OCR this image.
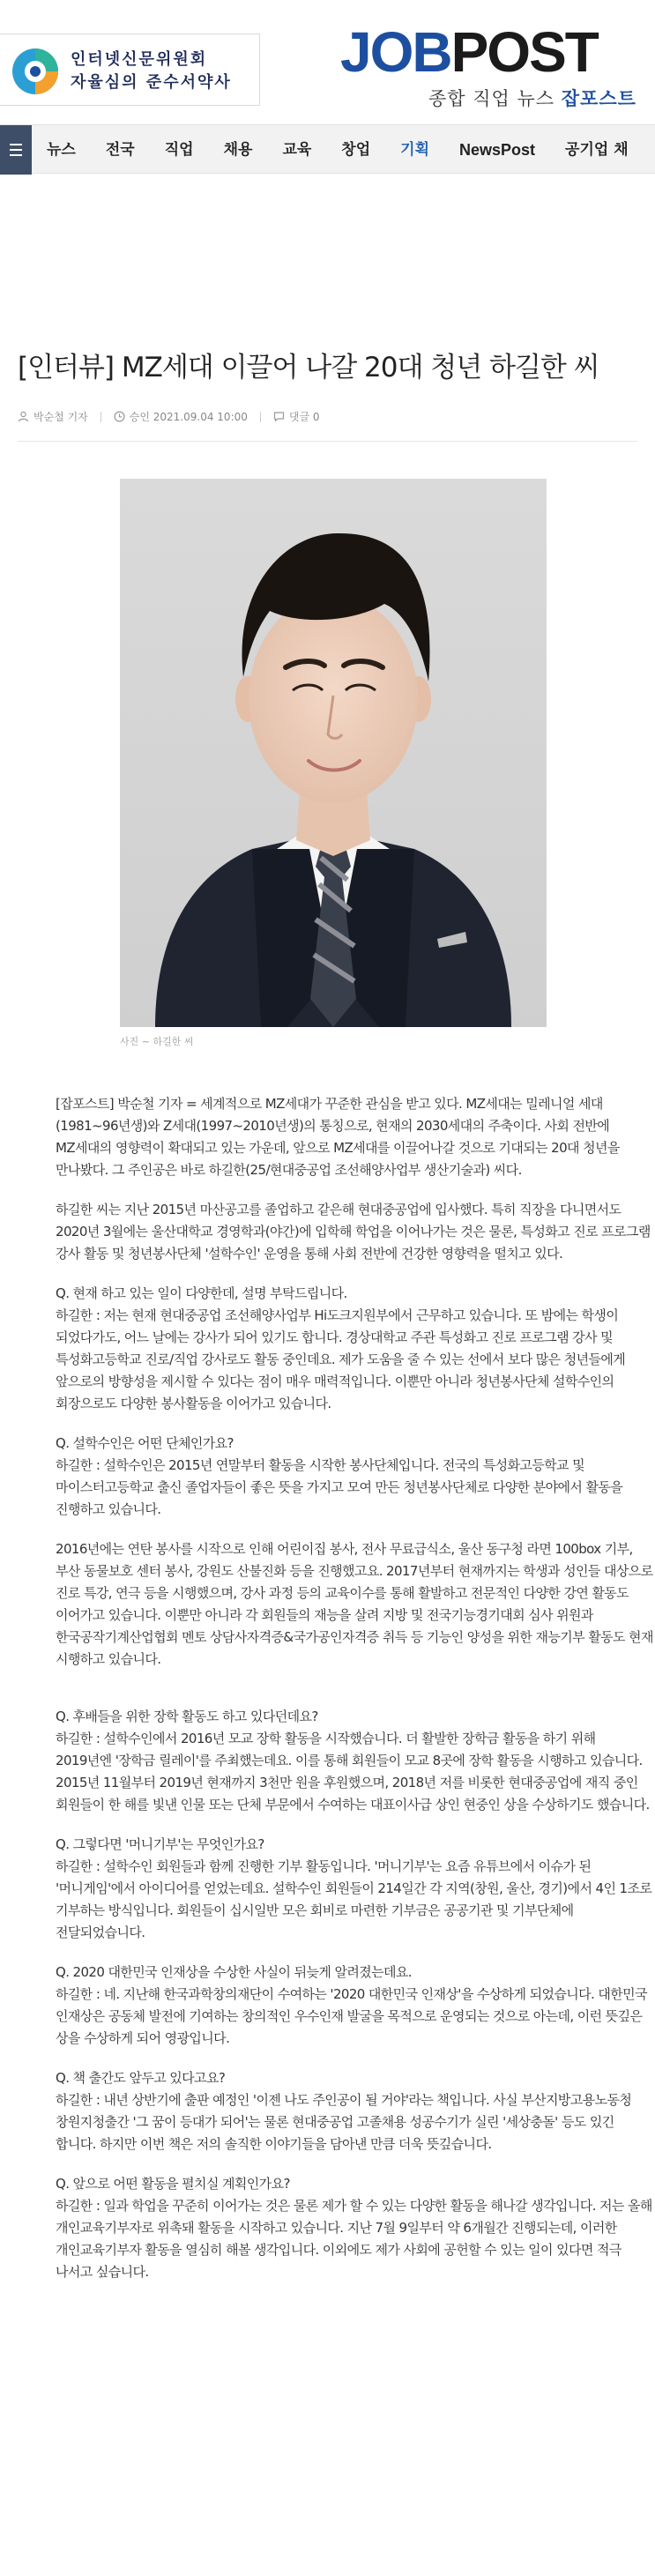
인터넷신문위원회
자율심의 준수서약사 JOBPOST
종합 직업 뉴스 잡포스트
뉴스	전국	직업	채용	교육	창업	기획	NewsPost	공기업 채
[인터뷰] MZ세대 이끌어 나갈 20대 청년 하길한 씨
박순철 기자	승인 2021.09.04 10:00	댓글 0
사진 ~ 하길한 씨

[잡포스트] 박순철 기자 = 세계적으로 MZ세대가 꾸준한 관심을 받고 있다. MZ세대는 밀레니얼 세대(1981~96년생)와 Z세대(1997~2010년생)의 통칭으로, 현재의 2030세대의 주축이다. 사회 전반에 MZ세대의 영향력이 확대되고 있는 가운데, 앞으로 MZ세대를 이끌어나갈 것으로 기대되는 20대 청년을 만나봤다. 그 주인공은 바로 하길한(25/현대중공업 조선해양사업부 생산기술과) 씨다.

하길한 씨는 지난 2015년 마산공고를 졸업하고 같은해 현대중공업에 입사했다. 특히 직장을 다니면서도 2020년 3월에는 울산대학교 경영학과(야간)에 입학해 학업을 이어나가는 것은 물론, 특성화고 진로 프로그램 강사 활동 및 청년봉사단체 '설학수인' 운영을 통해 사회 전반에 건강한 영향력을 떨치고 있다.

Q. 현재 하고 있는 일이 다양한데, 설명 부탁드립니다.

하길한 : 저는 현재 현대중공업 조선해양사업부 Hi도크지원부에서 근무하고 있습니다. 또 밤에는 학생이 되었다가도, 어느 날에는 강사가 되어 있기도 합니다. 경상대학교 주관 특성화고 진로 프로그램 강사 및 특성화고등학교 진로/직업 강사로도 활동 중인데요. 제가 도움을 줄 수 있는 선에서 보다 많은 청년들에게 앞으로의 방향성을 제시할 수 있다는 점이 매우 매력적입니다. 이뿐만 아니라 청년봉사단체 설학수인의 회장으로도 다양한 봉사활동을 이어가고 있습니다.

Q. 설학수인은 어떤 단체인가요?

하길한 : 설학수인은 2015년 연말부터 활동을 시작한 봉사단체입니다. 전국의 특성화고등학교 및 마이스터고등학교 출신 졸업자들이 좋은 뜻을 가지고 모여 만든 청년봉사단체로 다양한 분야에서 활동을 진행하고 있습니다.

2016년에는 연탄 봉사를 시작으로 인해 어린이집 봉사, 전사 무료급식소, 울산 동구청 라면 100box 기부, 부산 동물보호 센터 봉사, 강원도 산불진화 등을 진행했고요. 2017년부터 현재까지는 학생과 성인들 대상으로 진로 특강, 연극 등을 시행했으며, 강사 과정 등의 교육이수를 통해 활발하고 전문적인 다양한 강연 활동도 이어가고 있습니다. 이뿐만 아니라 각 회원들의 재능을 살려 지방 및 전국기능경기대회 심사 위원과 한국공작기계산업협회 멘토 상담사자격증&국가공인자격증 취득 등 기능인 양성을 위한 재능기부 활동도 현재 시행하고 있습니다.

Q. 후배들을 위한 장학 활동도 하고 있다던데요?

하길한 : 설학수인에서 2016년 모교 장학 활동을 시작했습니다. 더 활발한 장학금 활동을 하기 위해 2019년엔 '장학금 릴레이'를 주최했는데요. 이를 통해 회원들이 모교 8곳에 장학 활동을 시행하고 있습니다. 2015년 11월부터 2019년 현재까지 3천만 원을 후원했으며, 2018년 저를 비롯한 현대중공업에 재직 중인 회원들이 한 해를 빛낸 인물 또는 단체 부문에서 수여하는 대표이사급 상인 현중인 상을 수상하기도 했습니다.

Q. 그렇다면 '머니기부'는 무엇인가요?

하길한 : 설학수인 회원들과 함께 진행한 기부 활동입니다. '머니기부'는 요즘 유튜브에서 이슈가 된 '머니게임'에서 아이디어를 얻었는데요. 설학수인 회원들이 214일간 각 지역(창원, 울산, 경기)에서 4인 1조로 기부하는 방식입니다. 회원들이 십시일반 모은 회비로 마련한 기부금은 공공기관 및 기부단체에 전달되었습니다.

Q. 2020 대한민국 인재상을 수상한 사실이 뒤늦게 알려졌는데요.

하길한 : 네. 지난해 한국과학창의재단이 수여하는 '2020 대한민국 인재상'을 수상하게 되었습니다. 대한민국 인재상은 공동체 발전에 기여하는 창의적인 우수인재 발굴을 목적으로 운영되는 것으로 아는데, 이런 뜻깊은 상을 수상하게 되어 영광입니다.

Q. 책 출간도 앞두고 있다고요?

하길한 : 내년 상반기에 출판 예정인 '이젠 나도 주인공이 될 거야'라는 책입니다. 사실 부산지방고용노동청 창원지청출간 '그 꿈이 등대가 되어'는 물론 현대중공업 고졸채용 성공수기가 실린 '세상충돌' 등도 있긴 합니다. 하지만 이번 책은 저의 솔직한 이야기들을 담아낸 만큼 더욱 뜻깊습니다.

Q. 앞으로 어떤 활동을 펼치실 계획인가요?

하길한 : 일과 학업을 꾸준히 이어가는 것은 물론 제가 할 수 있는 다양한 활동을 해나갈 생각입니다. 저는 올해 개인교육기부자로 위촉돼 활동을 시작하고 있습니다. 지난 7월 9일부터 약 6개월간 진행되는데, 이러한 개인교육기부자 활동을 열심히 해볼 생각입니다. 이외에도 제가 사회에 공헌할 수 있는 일이 있다면 적극 나서고 싶습니다.
